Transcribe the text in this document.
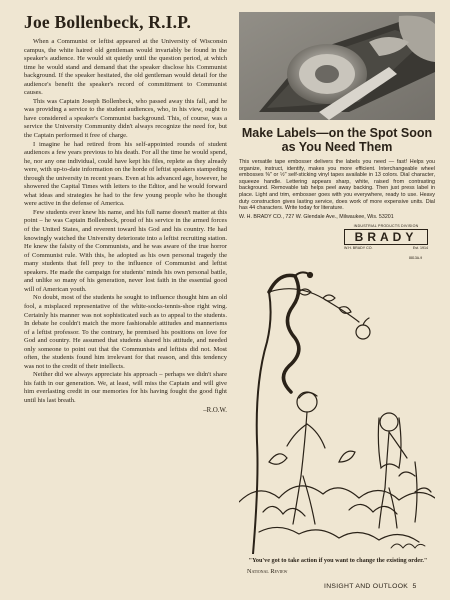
Joe Bollenbeck, R.I.P.

When a Communist or leftist appeared at the University of Wisconsin campus, the white haired old gentleman would invariably be found in the speaker's audience. He would sit quietly until the question period, at which time he would stand and demand that the speaker disclose his Communist background. If the speaker hesitated, the old gentleman would detail for the audience's benefit the speaker's record of committment to Communist causes.

This was Captain Joseph Bollenbeck, who passed away this fall, and he was providing a service to the student audiences, who, in his view, ought to have considered a speaker's Communist background. This, of course, was a service the University Community didn't always recognize the need for, but the Captain performed it free of charge.

I imagine he had retired from his self-appointed rounds of student audiences a few years previous to his death. For all the time he would spend, he, nor any one individual, could have kept his files, replete as they already were, with up-to-date information on the horde of leftist speakers stampeding through the university in recent years. Even at his advanced age, however, he showered the Capital Times with letters to the Editor, and he would forward what ideas and strategies he had to the few young people who he thought were active in the defense of America.

Few students ever knew his name, and his full name doesn't matter at this point – he was Captain Bollenbeck, proud of his service in the armed forces of the United States, and reverent toward his God and his country. He had knowingly watched the University deteriorate into a leftist recruiting station. He knew the falsity of the Communists, and he was aware of the true horror of Communist rule. With this, he adopted as his own personal tragedy the many students that fell prey to the influence of Communist and leftist speakers. He made the campaign for students' minds his own personal battle, and unlike so many of his generation, never lost faith in the essential good will of American youth.

No doubt, most of the students he sought to influence thought him an old fool, a misplaced representative of the white-socks-tennis-shoe right wing. Certainly his manner was not sophisticated such as to appeal to the students. In debate he couldn't match the more fashionable attitudes and mannerisms of a leftist professor. To the contrary, he premised his positions on love for God and country. He assumed that students shared his attitude, and needed only someone to point out that the Communists and leftists did not. Most often, the students found him irrelevant for that reason, and this tendency was not to the credit of their intellects.

Neither did we always appreciate his approach – perhaps we didn't share his faith in our generation. We, at least, will miss the Captain and will give him everlasting credit in our memories for his having fought the good fight until his last breath.

–R.O.W.
Make Labels—on the Spot Soon as You Need Them

This versatile tape embosser delivers the labels you need — fast! Helps you organize, instruct, identify, makes you more efficient. Interchangeable wheel embosses ⅜" or ½" self-sticking vinyl tapes available in 13 colors. Dial character, squeeze handle. Lettering appears sharp, white, raised from contrasting background. Removable tab helps peel away backing. Then just press label in place. Light and trim, embosser goes with you everywhere, ready to use. Heavy duty construction gives lasting service, does work of more expensive units. Dial has 44 characters. Write today for literature.

W. H. BRADY CO., 727 W. Glendale Ave., Milwaukee, Wis. 53201
INDUSTRIAL PRODUCTS DIVISION
BRADY
W.H. BRADY CO.	Est. 1914
8813A-9
"You've got to take action if you want to change the existing order."
National Review
INSIGHT AND OUTLOOK 5
